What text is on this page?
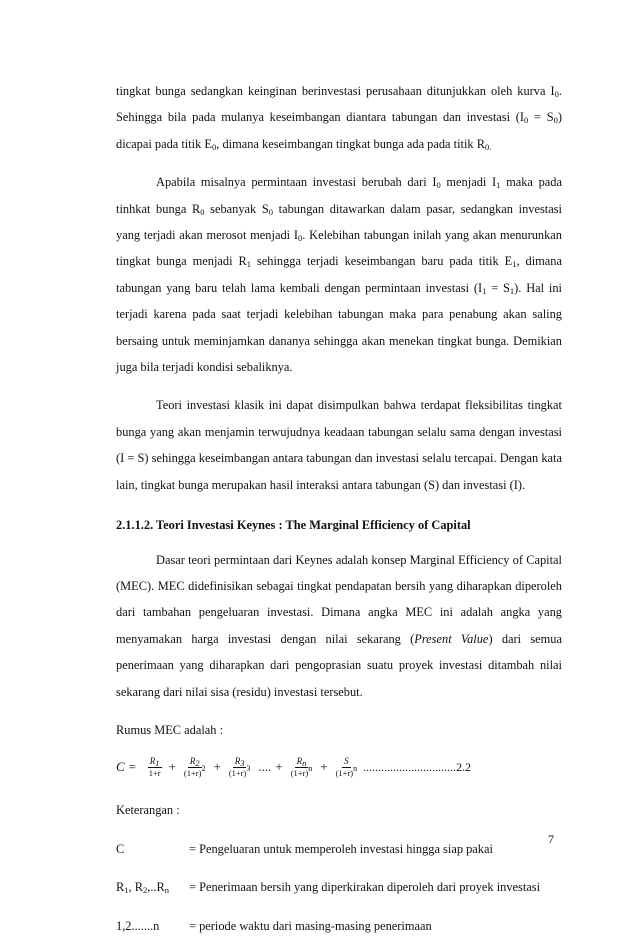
tingkat bunga sedangkan keinginan berinvestasi perusahaan ditunjukkan oleh kurva $I_0$. Sehingga bila pada mulanya keseimbangan diantara tabungan dan investasi $(I_0 = S_0)$ dicapai pada titik $E_0$, dimana keseimbangan tingkat bunga ada pada titik $R_{0.}$

Apabila misalnya permintaan investasi berubah dari $I_0$ menjadi $I_1$ maka pada tinhkat bunga $R_0$ sebanyak $S_0$ tabungan ditawarkan dalam pasar, sedangkan investasi yang terjadi akan merosot menjadi $I_0$. Kelebihan tabungan inilah yang akan menurunkan tingkat bunga menjadi $R_1$ sehingga terjadi keseimbangan baru pada titik $E_1$, dimana tabungan yang baru telah lama kembali dengan permintaan investasi $(I_1 = S_1)$. Hal ini terjadi karena pada saat terjadi kelebihan tabungan maka para penabung akan saling bersaing untuk meminjamkan dananya sehingga akan menekan tingkat bunga. Demikian juga bila terjadi kondisi sebaliknya.

Teori investasi klasik ini dapat disimpulkan bahwa terdapat fleksibilitas tingkat bunga yang akan menjamin terwujudnya keadaan tabungan selalu sama dengan investasi (I = S) sehingga keseimbangan antara tabungan dan investasi selalu tercapai. Dengan kata lain, tingkat bunga merupakan hasil interaksi antara tabungan (S) dan investasi (I).

2.1.1.2. Teori Investasi Keynes : The Marginal Efficiency of Capital

Dasar teori permintaan dari Keynes adalah konsep Marginal Efficiency of Capital (MEC). MEC didefinisikan sebagai tingkat pendapatan bersih yang diharapkan diperoleh dari tambahan pengeluaran investasi. Dimana angka MEC ini adalah angka yang menyamakan harga investasi dengan nilai sekarang (Present Value) dari semua penerimaan yang diharapkan dari pengoprasian suatu proyek investasi ditambah nilai sekarang dari nilai sisa (residu) investasi tersebut.

Rumus MEC adalah :

$C = \frac{R_1}{1+r} + \frac{R_2}{(1+r)^2} + \frac{R_3}{(1+r)^3}$ .... + $\frac{R_n}{(1+r)^n} + \frac{S}{(1+r)^n} ...............................2.2$

Keterangan :

C	= Pengeluaran untuk memperoleh investasi hingga siap pakai
$R_1$, $R_2,..R_n$	= Penerimaan bersih yang diperkirakan diperoleh dari proyek investasi
1,2.......n	= periode waktu dari masing-masing penerimaan
7
